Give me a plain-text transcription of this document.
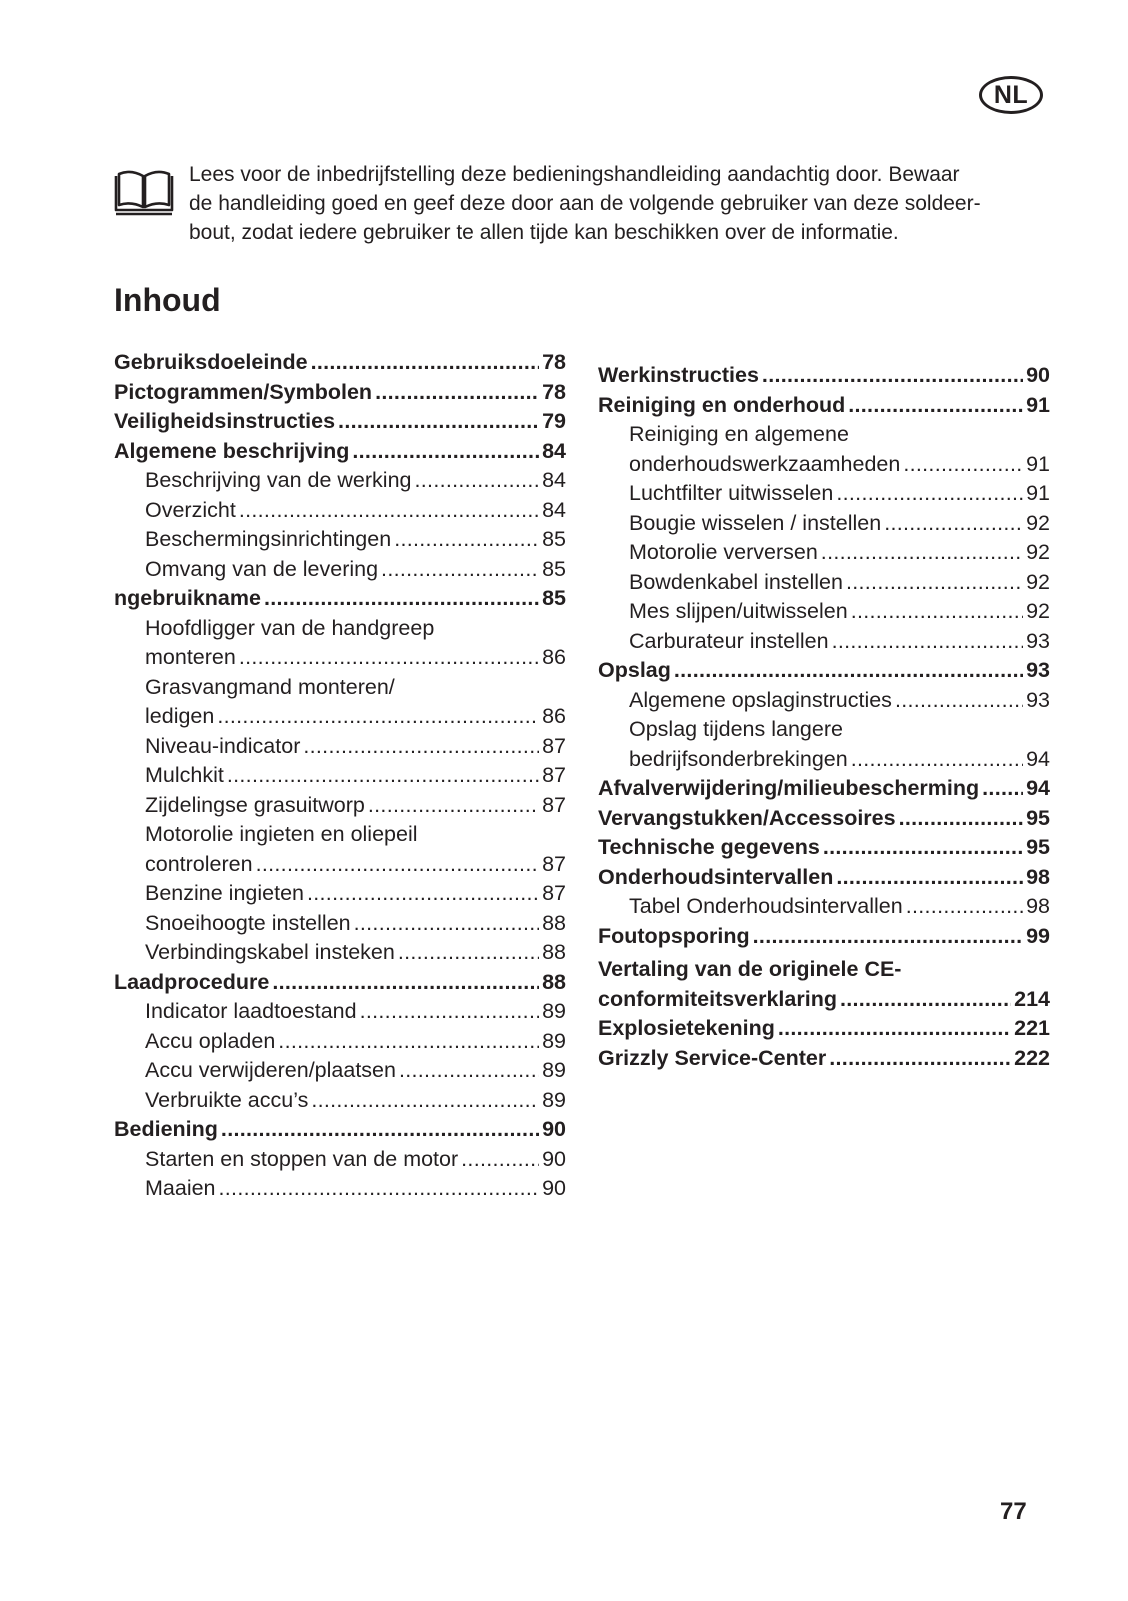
NL

Lees voor de inbedrijfstelling deze bedieningshandleiding aandachtig door. Bewaar
de handleiding goed en geef deze door aan de volgende gebruiker van deze soldeer-
bout, zodat iedere gebruiker te allen tijde kan beschikken over de informatie.

Inhoud
Gebruiksdoeleinde .....	78
Pictogrammen/Symbolen .....	78
Veiligheidsinstructies .....	79
Algemene beschrijving .....	84
Beschrijving van de werking .....	84
Overzicht .....	84
Beschermingsinrichtingen .....	85
Omvang van de levering .....	85
ngebruikname .....	85
Hoofdligger van de handgreep
monteren .....	86
Grasvangmand monteren/
ledigen .....	86
Niveau-indicator .....	87
Mulchkit .....	87
Zijdelingse grasuitworp .....	87
Motorolie ingieten en oliepeil
controleren .....	87
Benzine ingieten .....	87
Snoeihoogte instellen .....	88
Verbindingskabel insteken .....	88
Laadprocedure .....	88
Indicator laadtoestand .....	89
Accu opladen .....	89
Accu verwijderen/plaatsen .....	89
Verbruikte accu’s .....	89
Bediening .....	90
Starten en stoppen van de motor .....	90
Maaien .....	90
Werkinstructies .....	90
Reiniging en onderhoud .....	91
Reiniging en algemene
onderhoudswerkzaamheden .....	91
Luchtfilter uitwisselen .....	91
Bougie wisselen / instellen .....	92
Motorolie verversen .....	92
Bowdenkabel instellen .....	92
Mes slijpen/uitwisselen .....	92
Carburateur instellen .....	93
Opslag .....	93
Algemene opslaginstructies .....	93
Opslag tijdens langere
bedrijfsonderbrekingen .....	94
Afvalverwijdering/milieubescherming ..... 94
Vervangstukken/Accessoires .....	95
Technische gegevens .....	95
Onderhoudsintervallen .....	98
Tabel Onderhoudsintervallen .....	98
Foutopsporing .....	99
Vertaling van de originele CE-
conformiteitsverklaring .....	214
Explosietekening .....	221
Grizzly Service-Center .....	222

77
